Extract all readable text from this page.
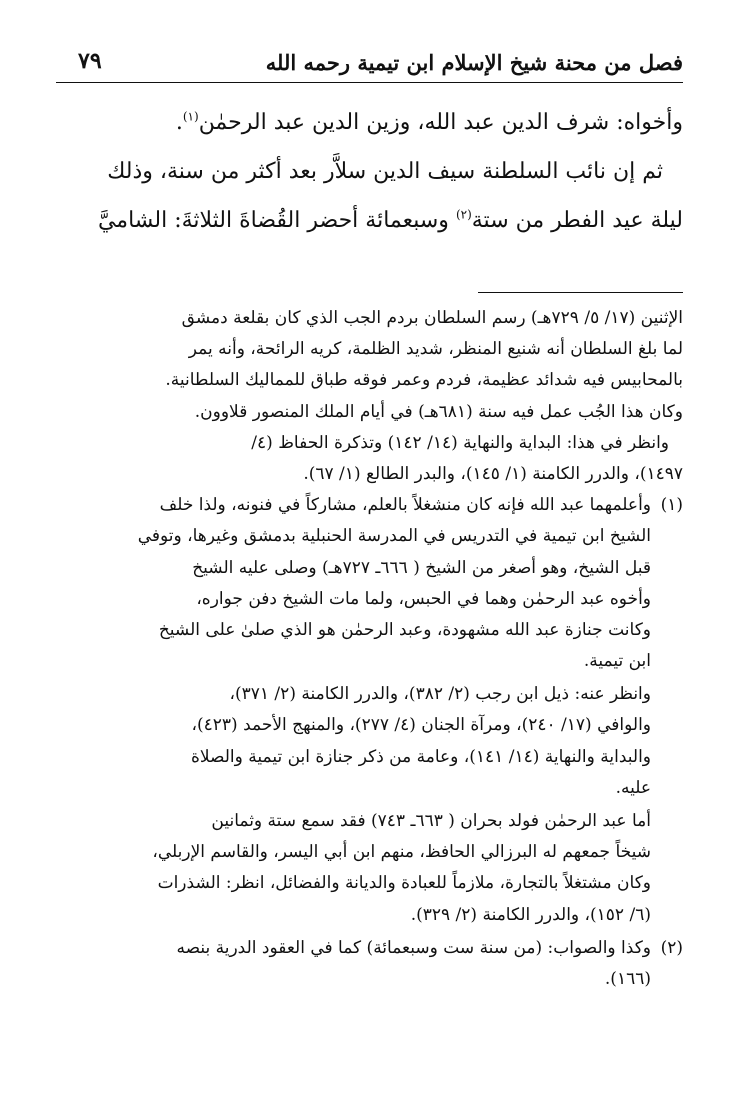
فصل من محنة شيخ الإسلام ابن تيمية رحمه الله
٧٩

وأخواه: شرف الدين عبد الله، وزين الدين عبد الرحمٰن$^{(١)}$.

ثم إن نائب السلطنة سيف الدين سلاَّر بعد أكثر من سنة، وذلك

ليلة عيد الفطر من ستة$^{(٢)}$ وسبعمائة أحضر القُضاةَ الثلاثةَ: الشاميَّ

الإثنين (١٧/ ٥/ ٧٢٩هـ) رسم السلطان بردم الجب الذي كان بقلعة دمشق

لما بلغ السلطان أنه شنيع المنظر، شديد الظلمة، كريه الرائحة، وأنه يمر

بالمحابيس فيه شدائد عظيمة، فردم وعمر فوقه طباق للمماليك السلطانية.

وكان هذا الجُب عمل فيه سنة (٦٨١هـ) في أيام الملك المنصور قلاوون.

وانظر في هذا: البداية والنهاية (١٤/ ١٤٢) وتذكرة الحفاظ (٤/

١٤٩٧)، والدرر الكامنة (١/ ١٤٥)، والبدر الطالع (١/ ٦٧).

(١)وأعلمهما عبد الله فإنه كان منشغلاً بالعلم، مشاركاً في فنونه، ولذا خلف

الشيخ ابن تيمية في التدريس في المدرسة الحنبلية بدمشق وغيرها، وتوفي

قبل الشيخ، وهو أصغر من الشيخ ( ٦٦٦ـ ٧٢٧هـ) وصلى عليه الشيخ

وأخوه عبد الرحمٰن وهما في الحبس، ولما مات الشيخ دفن جواره،

وكانت جنازة عبد الله مشهودة، وعبد الرحمٰن هو الذي صلىٰ على الشيخ

ابن تيمية.

وانظر عنه: ذيل ابن رجب (٢/ ٣٨٢)، والدرر الكامنة (٢/ ٣٧١)،

والوافي (١٧/ ٢٤٠)، ومرآة الجنان (٤/ ٢٧٧)، والمنهج الأحمد (٤٢٣)،

والبداية والنهاية (١٤/ ١٤١)، وعامة من ذكر جنازة ابن تيمية والصلاة

عليه.

أما عبد الرحمٰن فولد بحران ( ٦٦٣ـ ٧٤٣) فقد سمع ستة وثمانين

شيخاً جمعهم له البرزالي الحافظ، منهم ابن أبي اليسر، والقاسم الإربلي،

وكان مشتغلاً بالتجارة، ملازماً للعبادة والديانة والفضائل، انظر: الشذرات

(٦/ ١٥٢)، والدرر الكامنة (٢/ ٣٢٩).

(٢)وكذا والصواب: (من سنة ست وسبعمائة) كما في العقود الدرية بنصه

(١٦٦).
